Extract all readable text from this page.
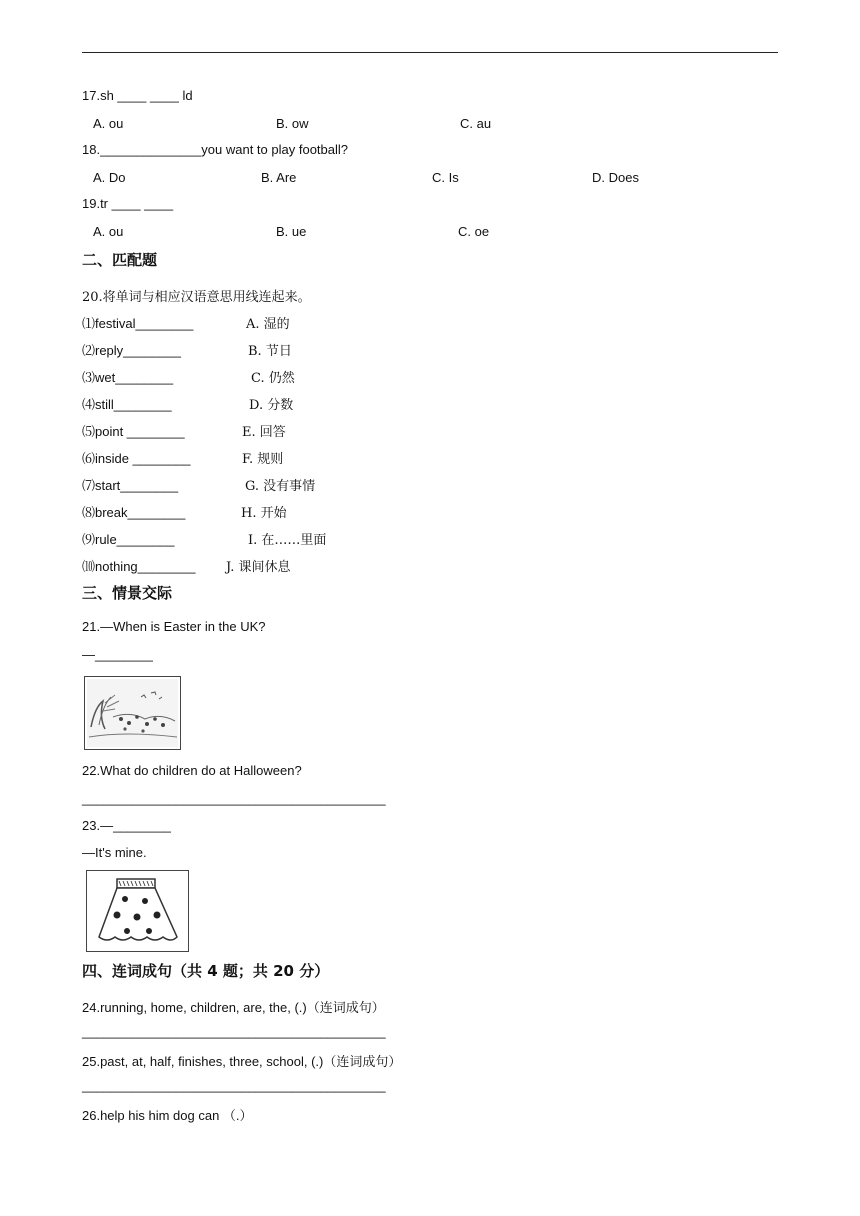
17.sh ____ ____ ld
A. ou	B. ow	C. au
18.______________you want to play football?
A. Do	B. Are	C. Is	D. Does
19.tr ____ ____
A. ou	B. ue	C. oe
二、匹配题
20.将单词与相应汉语意思用线连起来。
⑴festival________	A. 湿的
⑵reply________	B. 节日
⑶wet________	C. 仍然
⑷still________	D. 分数
⑸point ________	E. 回答
⑹inside ________	F. 规则
⑺start________	G. 没有事情
⑻break________	H. 开始
⑼rule________	I. 在……里面
⑽nothing________ J. 课间休息
三、情景交际
21.—When is Easter in the UK?
—________
22.What do children do at Halloween?
__________________________________________
23.—________
—It's mine.
四、连词成句（共 4 题；共 20 分）
24.running, home, children, are, the, (.)（连词成句）
__________________________________________
25.past, at, half, finishes, three, school, (.)（连词成句）
__________________________________________
26.help his him dog can （.）
